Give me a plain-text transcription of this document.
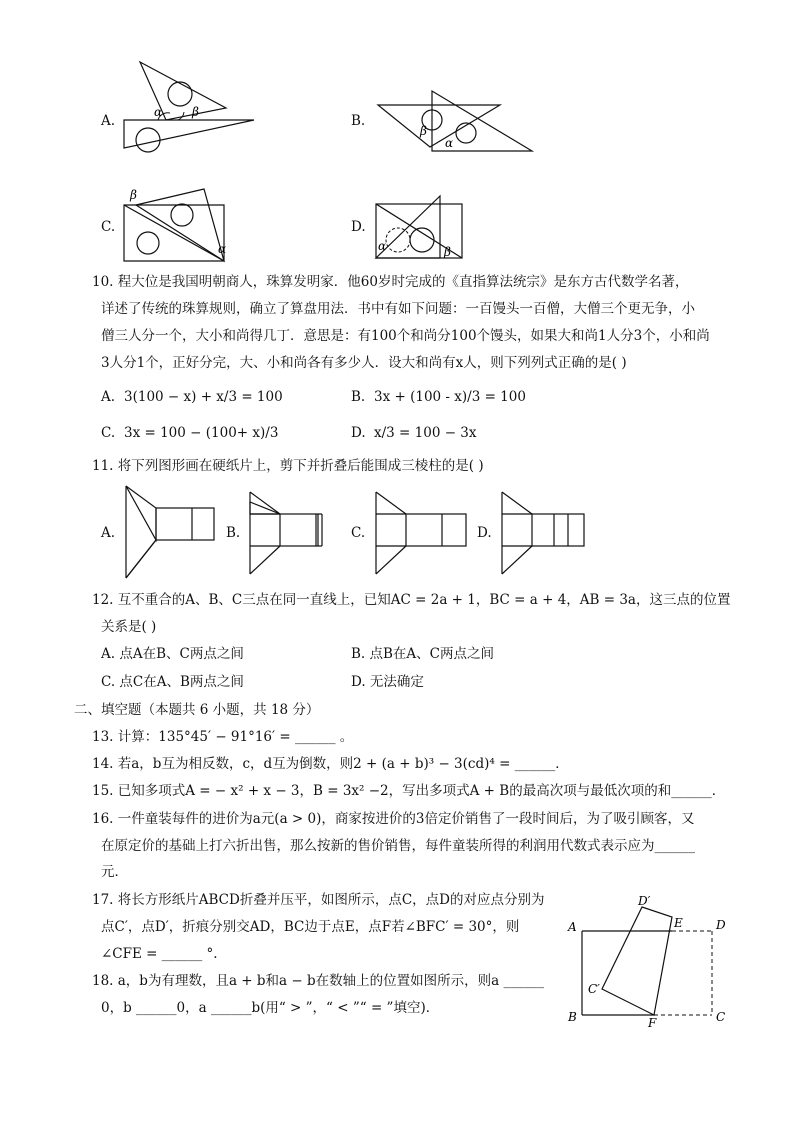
A.
α β
B.
β
α
C.
β
α
D.
α	β
10. 程大位是我国明朝商人，珠算发明家．他60岁时完成的《直指算法统宗》是东方古代数学名著，
详述了传统的珠算规则，确立了算盘用法．书中有如下问题：一百馒头一百僧，大僧三个更无争，小
僧三人分一个，大小和尚得几丁．意思是：有100个和尚分100个馒头，如果大和尚1人分3个，小和尚
3人分1个，正好分完，大、小和尚各有多少人．设大和尚有x人，则下列列式正确的是( )
A. 3(100 − x) + x/3 = 100	B. 3x + (100 - x)/3 = 100
C. 3x = 100 − (100+ x)/3	D. x/3 = 100 − 3x
11. 将下列图形画在硬纸片上，剪下并折叠后能围成三棱柱的是( )
A.	B.	C.	D.
12. 互不重合的A、B、C三点在同一直线上，已知AC = 2a + 1，BC = a + 4，AB = 3a，这三点的位置
关系是( )
A. 点A在B、C两点之间	B. 点B在A、C两点之间
C. 点C在A、B两点之间	D. 无法确定
二、填空题（本题共 6 小题，共 18 分）
13. 计算：135°45′ − 91°16′ = ______ 。
14. 若a，b互为相反数，c，d互为倒数，则2 + (a + b)³ − 3(cd)⁴ = ______．
15. 已知多项式A = − x² + x − 3，B = 3x² −2，写出多项式A + B的最高次项与最低次项的和______．
16. 一件童装每件的进价为a元(a > 0)，商家按进价的3倍定价销售了一段时间后，为了吸引顾客，又
在原定价的基础上打六折出售，那么按新的售价销售，每件童装所得的利润用代数式表示应为______
元．
17. 将长方形纸片ABCD折叠并压平，如图所示，点C，点D的对应点分别为
点C′，点D′，折痕分别交AD，BC边于点E，点F若∠BFC′ = 30°，则
∠CFE = ______ °.
18. a，b为有理数，且a + b和a − b在数轴上的位置如图所示，则a ______
0，b ______0，a ______b(用“ > ”，“ < ”“ = ”填空)．
A
B	C
D
E
F
C′
D′
